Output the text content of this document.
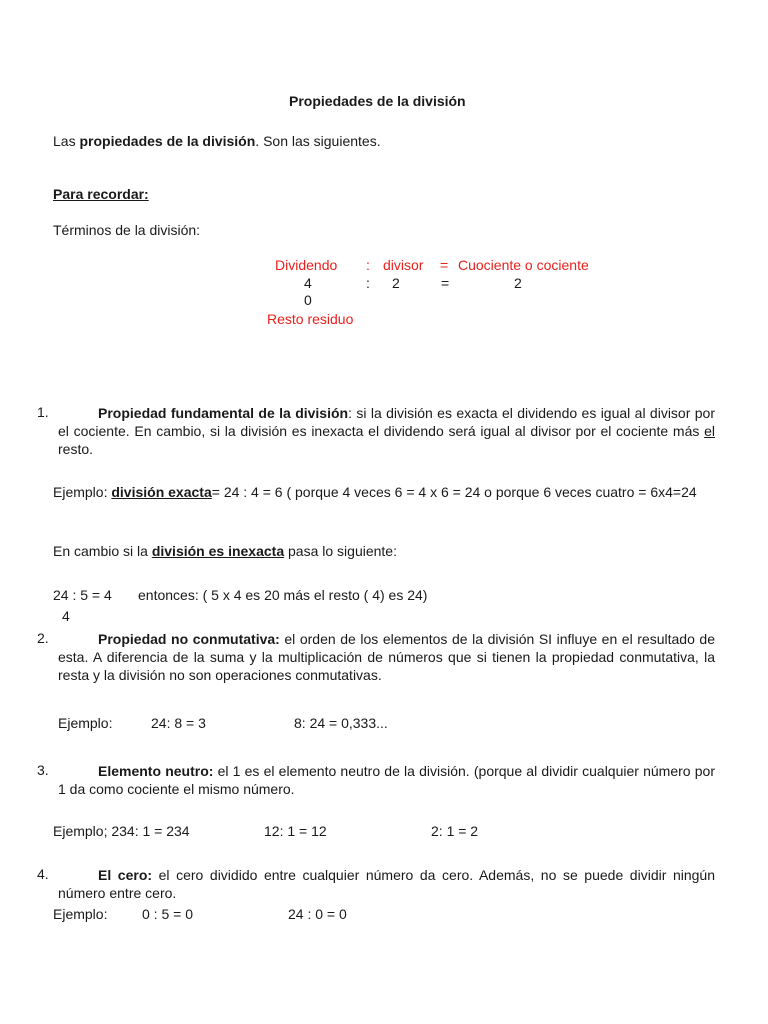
Propiedades de la división
Las propiedades de la división. Son las siguientes.
Para recordar:
Términos de la división:
Dividendo : divisor = Cuociente o cociente
4	: 2	=	2
0
Resto residuo
1.	Propiedad fundamental de la división: si la división es exacta el dividendo es igual al divisor por el cociente. En cambio, si la división es inexacta el dividendo será igual al divisor por el cociente más el resto.
Ejemplo: división exacta= 24 : 4 = 6 ( porque 4 veces 6 = 4 x 6 = 24 o porque 6 veces cuatro = 6x4=24
En cambio si la división es inexacta pasa lo siguiente:
24 : 5 = 4 entonces: ( 5 x 4 es 20 más el resto ( 4) es 24)
4
2.	Propiedad no conmutativa: el orden de los elementos de la división SI influye en el resultado de esta. A diferencia de la suma y la multiplicación de números que si tienen la propiedad conmutativa, la resta y la división no son operaciones conmutativas.
Ejemplo:	24: 8 = 3	8: 24 = 0,333...
3.	Elemento neutro: el 1 es el elemento neutro de la división. (porque al dividir cualquier número por 1 da como cociente el mismo número.
Ejemplo; 234: 1 = 234	12: 1 = 12	2: 1 = 2
4.	El cero: el cero dividido entre cualquier número da cero. Además, no se puede dividir ningún número entre cero.
Ejemplo: 0 : 5 = 0	24 : 0 = 0
